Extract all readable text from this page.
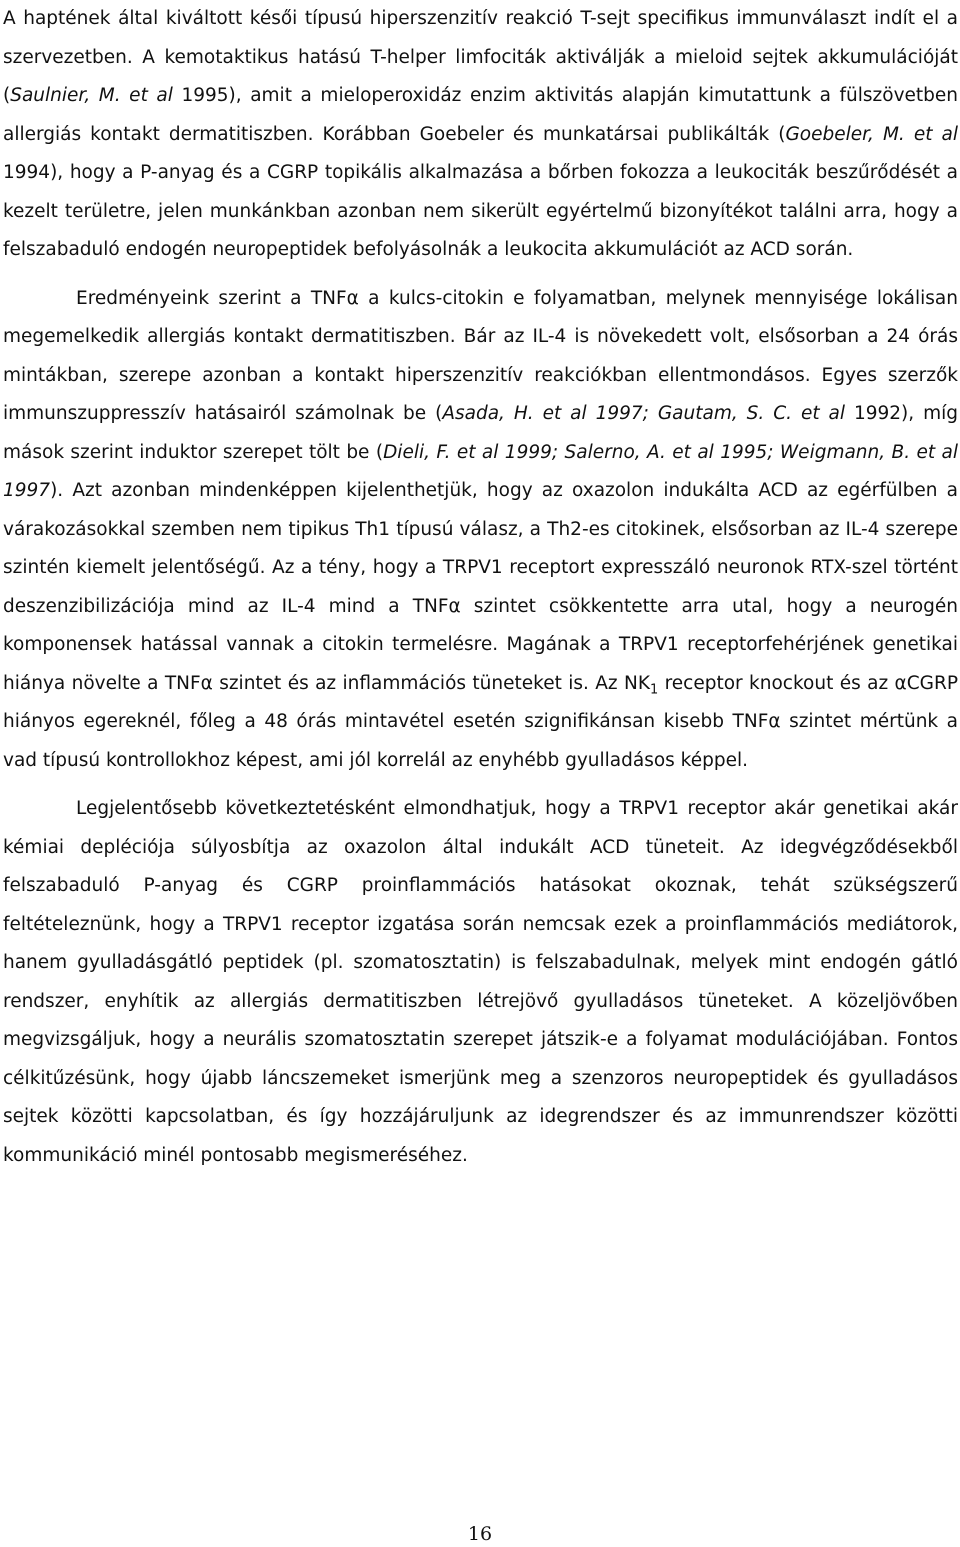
A haptének által kiváltott késői típusú hiperszenzitív reakció T-sejt specifikus immunválaszt indít el a szervezetben. A kemotaktikus hatású T-helper limfociták aktiválják a mieloid sejtek akkumulációját (Saulnier, M. et al 1995), amit a mieloperoxidáz enzim aktivitás alapján kimutattunk a fülszövetben allergiás kontakt dermatitiszben. Korábban Goebeler és munkatársai publikálták (Goebeler, M. et al 1994), hogy a P-anyag és a CGRP topikális alkalmazása a bőrben fokozza a leukociták beszűrődését a kezelt területre, jelen munkánkban azonban nem sikerült egyértelmű bizonyítékot találni arra, hogy a felszabaduló endogén neuropeptidek befolyásolnák a leukocita akkumulációt az ACD során.

Eredményeink szerint a TNFα a kulcs-citokin e folyamatban, melynek mennyisége lokálisan megemelkedik allergiás kontakt dermatitiszben. Bár az IL-4 is növekedett volt, elsősorban a 24 órás mintákban, szerepe azonban a kontakt hiperszenzitív reakciókban ellentmondásos. Egyes szerzők immunszuppresszív hatásairól számolnak be (Asada, H. et al 1997; Gautam, S. C. et al 1992), míg mások szerint induktor szerepet tölt be (Dieli, F. et al 1999; Salerno, A. et al 1995; Weigmann, B. et al 1997). Azt azonban mindenképpen kijelenthetjük, hogy az oxazolon indukálta ACD az egérfülben a várakozásokkal szemben nem tipikus Th1 típusú válasz, a Th2-es citokinek, elsősorban az IL-4 szerepe szintén kiemelt jelentőségű. Az a tény, hogy a TRPV1 receptort expresszáló neuronok RTX-szel történt deszenzibilizációja mind az IL-4 mind a TNFα szintet csökkentette arra utal, hogy a neurogén komponensek hatással vannak a citokin termelésre. Magának a TRPV1 receptorfehérjének genetikai hiánya növelte a TNFα szintet és az inflammációs tüneteket is. Az $NK_1$ receptor knockout és az αCGRP hiányos egereknél, főleg a 48 órás mintavétel esetén szignifikánsan kisebb TNFα szintet mértünk a vad típusú kontrollokhoz képest, ami jól korrelál az enyhébb gyulladásos képpel.

Legjelentősebb következtetésként elmondhatjuk, hogy a TRPV1 receptor akár genetikai akár kémiai depléciója súlyosbítja az oxazolon által indukált ACD tüneteit. Az idegvégződésekből felszabaduló P-anyag és CGRP proinflammációs hatásokat okoznak, tehát szükségszerű feltételeznünk, hogy a TRPV1 receptor izgatása során nemcsak ezek a proinflammációs mediátorok, hanem gyulladásgátló peptidek (pl. szomatosztatin) is felszabadulnak, melyek mint endogén gátló rendszer, enyhítik az allergiás dermatitiszben létrejövő gyulladásos tüneteket. A közeljövőben megvizsgáljuk, hogy a neurális szomatosztatin szerepet játszik-e a folyamat modulációjában. Fontos célkitűzésünk, hogy újabb láncszemeket ismerjünk meg a szenzoros neuropeptidek és gyulladásos sejtek közötti kapcsolatban, és így hozzájáruljunk az idegrendszer és az immunrendszer közötti kommunikáció minél pontosabb megismeréséhez.

16
